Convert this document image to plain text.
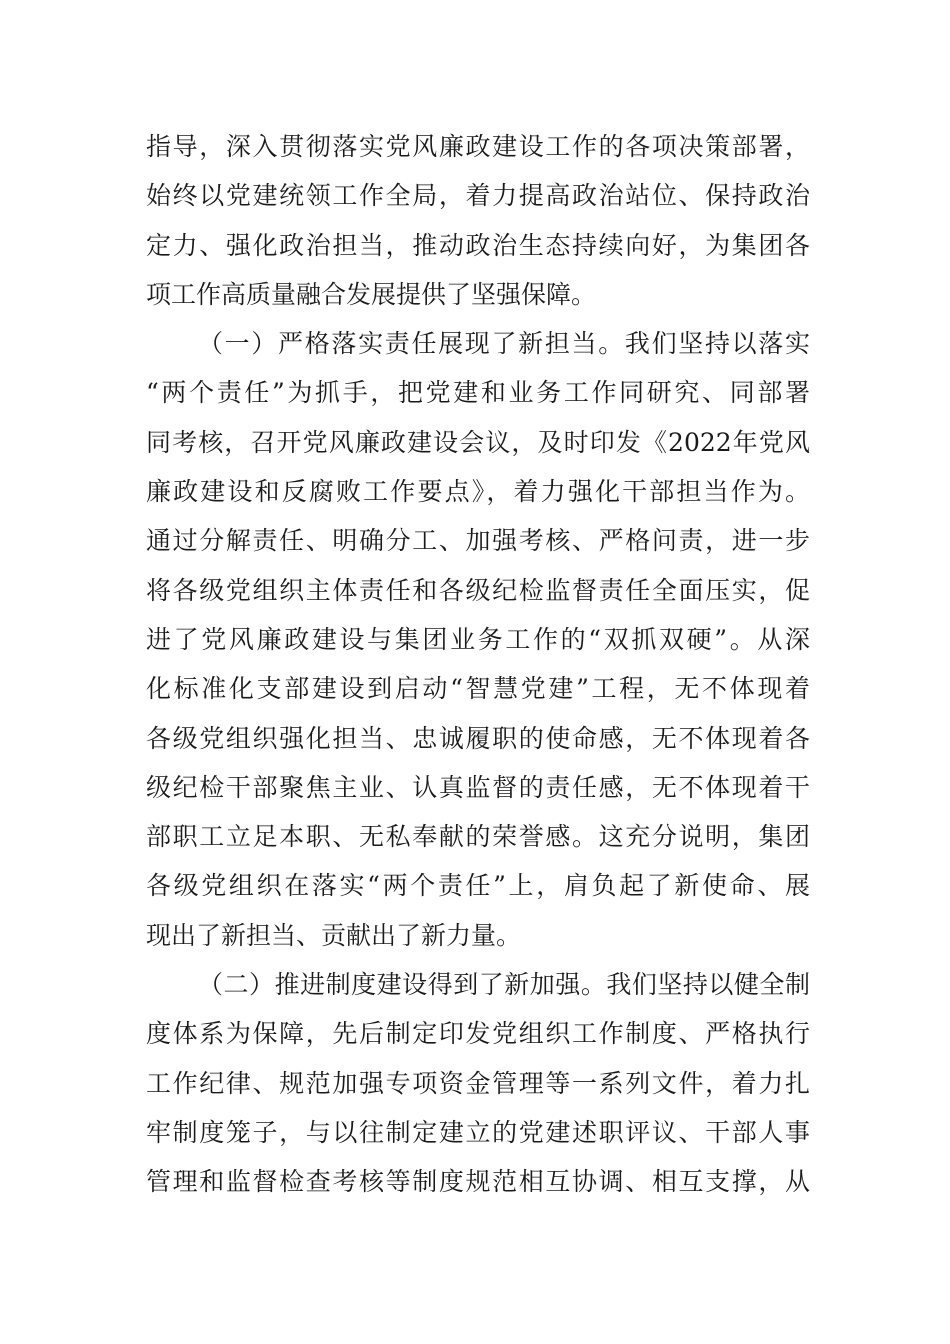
指导，深入贯彻落实党风廉政建设工作的各项决策部署，
始终以党建统领工作全局，着力提高政治站位、保持政治
定力、强化政治担当，推动政治生态持续向好，为集团各
项工作高质量融合发展提供了坚强保障。
（一）严格落实责任展现了新担当。我们坚持以落实
“两个责任”为抓手，把党建和业务工作同研究、同部署
同考核，召开党风廉政建设会议，及时印发《2022年党风
廉政建设和反腐败工作要点》，着力强化干部担当作为。
通过分解责任、明确分工、加强考核、严格问责，进一步
将各级党组织主体责任和各级纪检监督责任全面压实，促
进了党风廉政建设与集团业务工作的“双抓双硬”。从深
化标准化支部建设到启动“智慧党建”工程，无不体现着
各级党组织强化担当、忠诚履职的使命感，无不体现着各
级纪检干部聚焦主业、认真监督的责任感，无不体现着干
部职工立足本职、无私奉献的荣誉感。这充分说明，集团
各级党组织在落实“两个责任”上，肩负起了新使命、展
现出了新担当、贡献出了新力量。
（二）推进制度建设得到了新加强。我们坚持以健全制
度体系为保障，先后制定印发党组织工作制度、严格执行
工作纪律、规范加强专项资金管理等一系列文件，着力扎
牢制度笼子，与以往制定建立的党建述职评议、干部人事
管理和监督检查考核等制度规范相互协调、相互支撑，从
